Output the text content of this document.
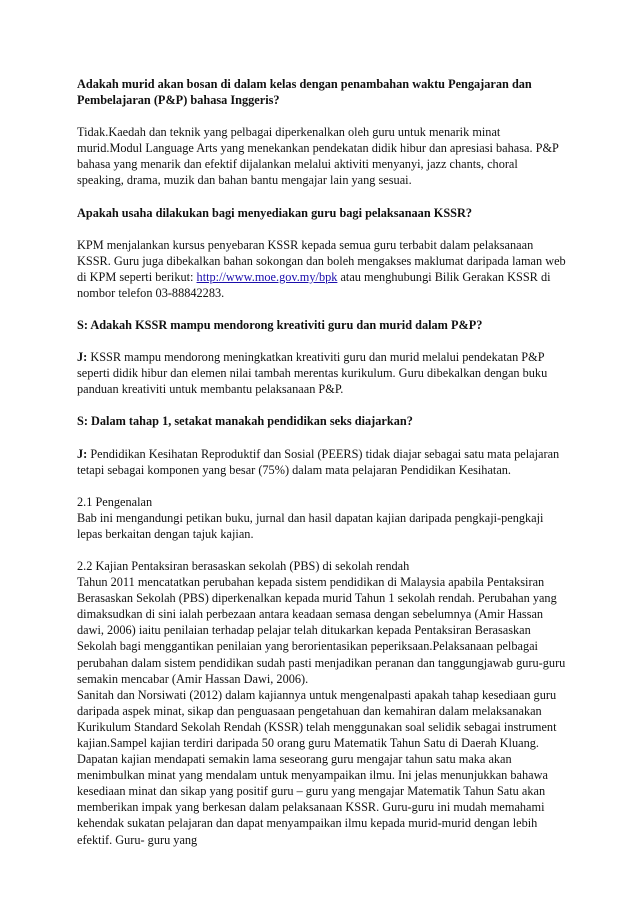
Adakah murid akan bosan di dalam kelas dengan penambahan waktu Pengajaran dan Pembelajaran (P&P) bahasa Inggeris?

Tidak.Kaedah dan teknik yang pelbagai diperkenalkan oleh guru untuk menarik minat murid.Modul Language Arts yang menekankan pendekatan didik hibur dan apresiasi bahasa. P&P bahasa yang menarik dan efektif dijalankan melalui aktiviti menyanyi, jazz chants, choral speaking, drama, muzik dan bahan bantu mengajar lain yang sesuai.

Apakah usaha dilakukan bagi menyediakan guru bagi pelaksanaan KSSR?

KPM menjalankan kursus penyebaran KSSR kepada semua guru terbabit dalam pelaksanaan KSSR. Guru juga dibekalkan bahan sokongan dan boleh mengakses maklumat daripada laman web di KPM seperti berikut: http://www.moe.gov.my/bpk atau menghubungi Bilik Gerakan KSSR di nombor telefon 03-88842283.

S: Adakah KSSR mampu mendorong kreativiti guru dan murid dalam P&P?

J: KSSR mampu mendorong meningkatkan kreativiti guru dan murid melalui pendekatan P&P seperti didik hibur dan elemen nilai tambah merentas kurikulum. Guru dibekalkan dengan buku panduan kreativiti untuk membantu pelaksanaan P&P.

S: Dalam tahap 1, setakat manakah pendidikan seks diajarkan?

J: Pendidikan Kesihatan Reproduktif dan Sosial (PEERS) tidak diajar sebagai satu mata pelajaran tetapi sebagai komponen yang besar (75%) dalam mata pelajaran Pendidikan Kesihatan.

2.1 Pengenalan
Bab ini mengandungi petikan buku, jurnal dan hasil dapatan kajian daripada pengkaji-pengkaji lepas berkaitan dengan tajuk kajian.

2.2 Kajian Pentaksiran berasaskan sekolah (PBS) di sekolah rendah
Tahun 2011 mencatatkan perubahan kepada sistem pendidikan di Malaysia apabila Pentaksiran Berasaskan Sekolah (PBS) diperkenalkan kepada murid Tahun 1 sekolah rendah. Perubahan yang dimaksudkan di sini ialah perbezaan antara keadaan semasa dengan sebelumnya (Amir Hassan dawi, 2006) iaitu penilaian terhadap pelajar telah ditukarkan kepada Pentaksiran Berasaskan Sekolah bagi menggantikan penilaian yang berorientasikan peperiksaan.Pelaksanaan pelbagai perubahan dalam sistem pendidikan sudah pasti menjadikan peranan dan tanggungjawab guru-guru semakin mencabar (Amir Hassan Dawi, 2006).
Sanitah dan Norsiwati (2012) dalam kajiannya untuk mengenalpasti apakah tahap kesediaan guru daripada aspek minat, sikap dan penguasaan pengetahuan dan kemahiran dalam melaksanakan Kurikulum Standard Sekolah Rendah (KSSR) telah menggunakan soal selidik sebagai instrument kajian.Sampel kajian terdiri daripada 50 orang guru Matematik Tahun Satu di Daerah Kluang. Dapatan kajian mendapati semakin lama seseorang guru mengajar tahun satu maka akan menimbulkan minat yang mendalam untuk menyampaikan ilmu. Ini jelas menunjukkan bahawa kesediaan minat dan sikap yang positif guru – guru yang mengajar Matematik Tahun Satu akan memberikan impak yang berkesan dalam pelaksanaan KSSR. Guru-guru ini mudah memahami kehendak sukatan pelajaran dan dapat menyampaikan ilmu kepada murid-murid dengan lebih efektif. Guru- guru yang
